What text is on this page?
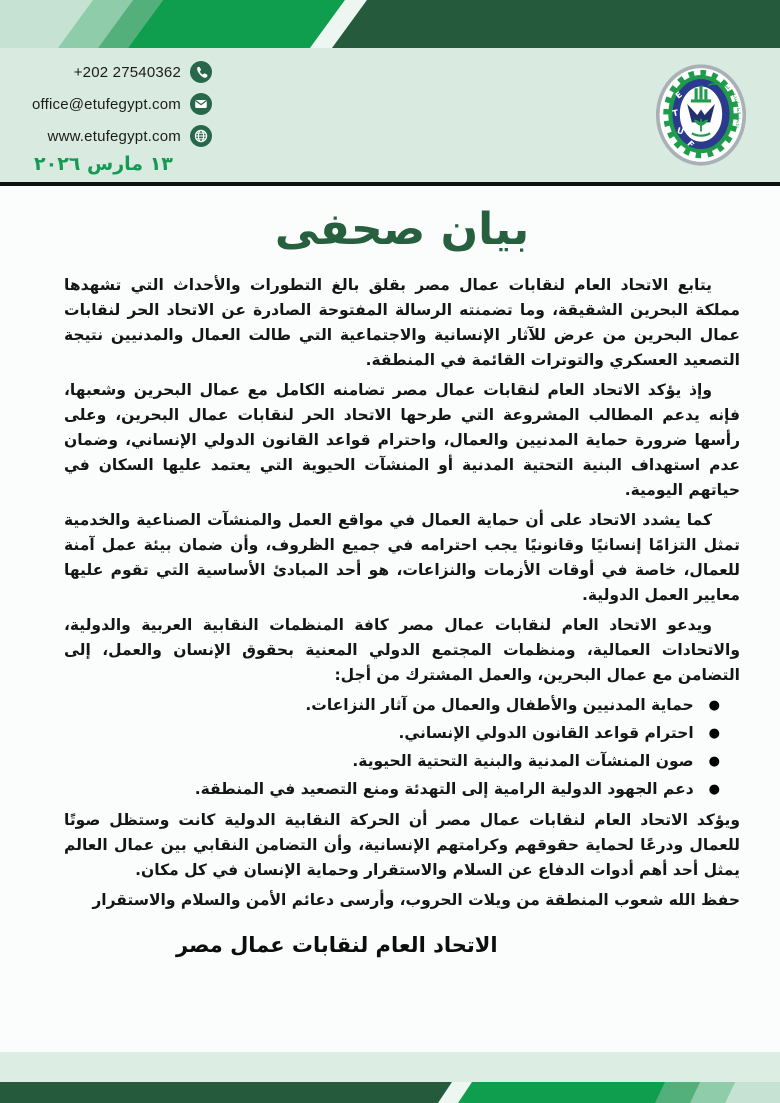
+202 27540362
office@etufegypt.com
www.etufegypt.com
١٣ مارس ٢٠٢٦
E
T
U
F
الاتحاد العام لنقابات عمال مصر
بيان صحفى

يتابع الاتحاد العام لنقابات عمال مصر بقلق بالغ التطورات والأحداث التي تشهدها مملكة البحرين الشقيقة، وما تضمنته الرسالة المفتوحة الصادرة عن الاتحاد الحر لنقابات عمال البحرين من عرض للآثار الإنسانية والاجتماعية التي طالت العمال والمدنيين نتيجة التصعيد العسكري والتوترات القائمة في المنطقة.

وإذ يؤكد الاتحاد العام لنقابات عمال مصر تضامنه الكامل مع عمال البحرين وشعبها، فإنه يدعم المطالب المشروعة التي طرحها الاتحاد الحر لنقابات عمال البحرين، وعلى رأسها ضرورة حماية المدنيين والعمال، واحترام قواعد القانون الدولي الإنساني، وضمان عدم استهداف البنية التحتية المدنية أو المنشآت الحيوية التي يعتمد عليها السكان في حياتهم اليومية.

كما يشدد الاتحاد على أن حماية العمال في مواقع العمل والمنشآت الصناعية والخدمية تمثل التزامًا إنسانيًا وقانونيًا يجب احترامه في جميع الظروف، وأن ضمان بيئة عمل آمنة للعمال، خاصة في أوقات الأزمات والنزاعات، هو أحد المبادئ الأساسية التي تقوم عليها معايير العمل الدولية.

ويدعو الاتحاد العام لنقابات عمال مصر كافة المنظمات النقابية العربية والدولية، والاتحادات العمالية، ومنظمات المجتمع الدولي المعنية بحقوق الإنسان والعمل، إلى التضامن مع عمال البحرين، والعمل المشترك من أجل:

●
حماية المدنيين والأطفال والعمال من آثار النزاعات.
●
احترام قواعد القانون الدولي الإنساني.
●
صون المنشآت المدنية والبنية التحتية الحيوية.
●
دعم الجهود الدولية الرامية إلى التهدئة ومنع التصعيد في المنطقة.

ويؤكد الاتحاد العام لنقابات عمال مصر أن الحركة النقابية الدولية كانت وستظل صوتًا للعمال ودرعًا لحماية حقوقهم وكرامتهم الإنسانية، وأن التضامن النقابي بين عمال العالم يمثل أحد أهم أدوات الدفاع عن السلام والاستقرار وحماية الإنسان في كل مكان.

حفظ الله شعوب المنطقة من ويلات الحروب، وأرسى دعائم الأمن والسلام والاستقرار

الاتحاد العام لنقابات عمال مصر
